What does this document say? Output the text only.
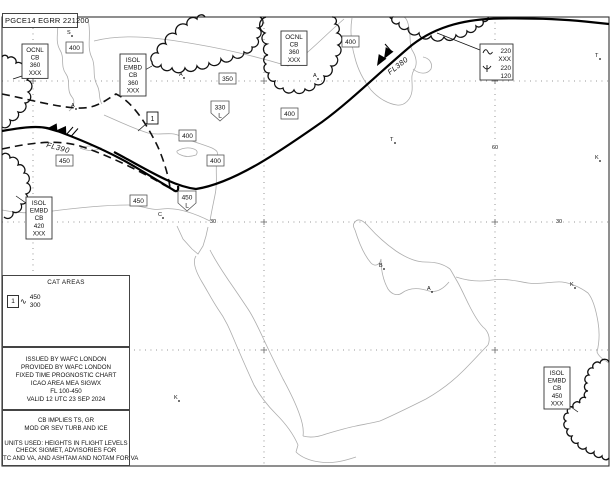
30	30
60
1
FL390
FL380
400
350
400
400
400
400
450
450
330
L
450
L
OCNL
CB
360
XXX
ISOL
EMBD
CB
360
XXX
OCNL
CB
360
XXX
ISOL
EMBD
CB
420
XXX
ISOL
EMBD
CB
450
XXX
220
XXX
220
120
S
A
A
A
T
T
K
C
B
A
K
K
PGCE14 EGRR 221200
CAT AREAS
1 ∿ 450
300
ISSUED BY WAFC LONDON
PROVIDED BY WAFC LONDON
FIXED TIME PROGNOSTIC CHART
ICAO AREA MEA SIGWX
FL 100-450
VALID 12 UTC 23 SEP 2024
CB IMPLIES TS, GR
MOD OR SEV TURB AND ICE
UNITS USED: HEIGHTS IN FLIGHT LEVELS
CHECK SIGMET, ADVISORIES FOR
TC AND VA, AND ASHTAM AND NOTAM FOR VA
